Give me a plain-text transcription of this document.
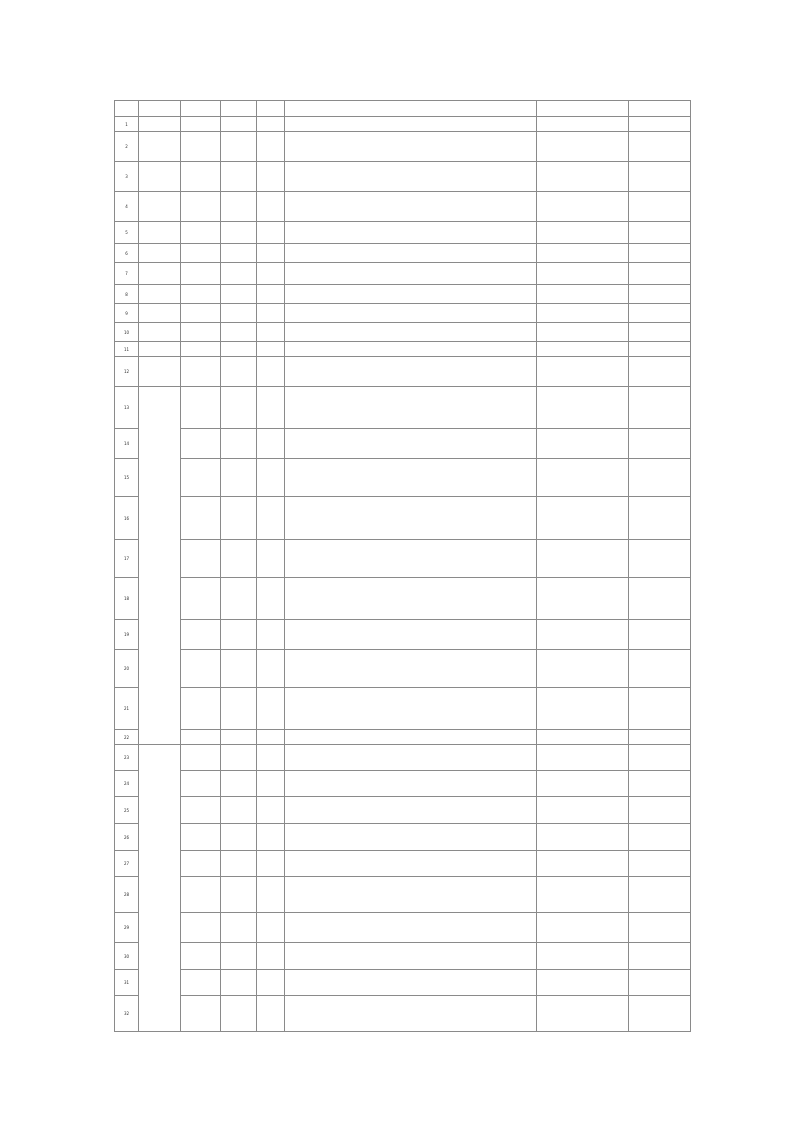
1							
2							
3							
4							
5							
6							
7							
8							
9							
10							
11							
12							
13							
14							
15							
16							
17							
18							
19							
20							
21							
22							
23							
24							
25							
26							
27							
28							
29							
30							
31							
32							
